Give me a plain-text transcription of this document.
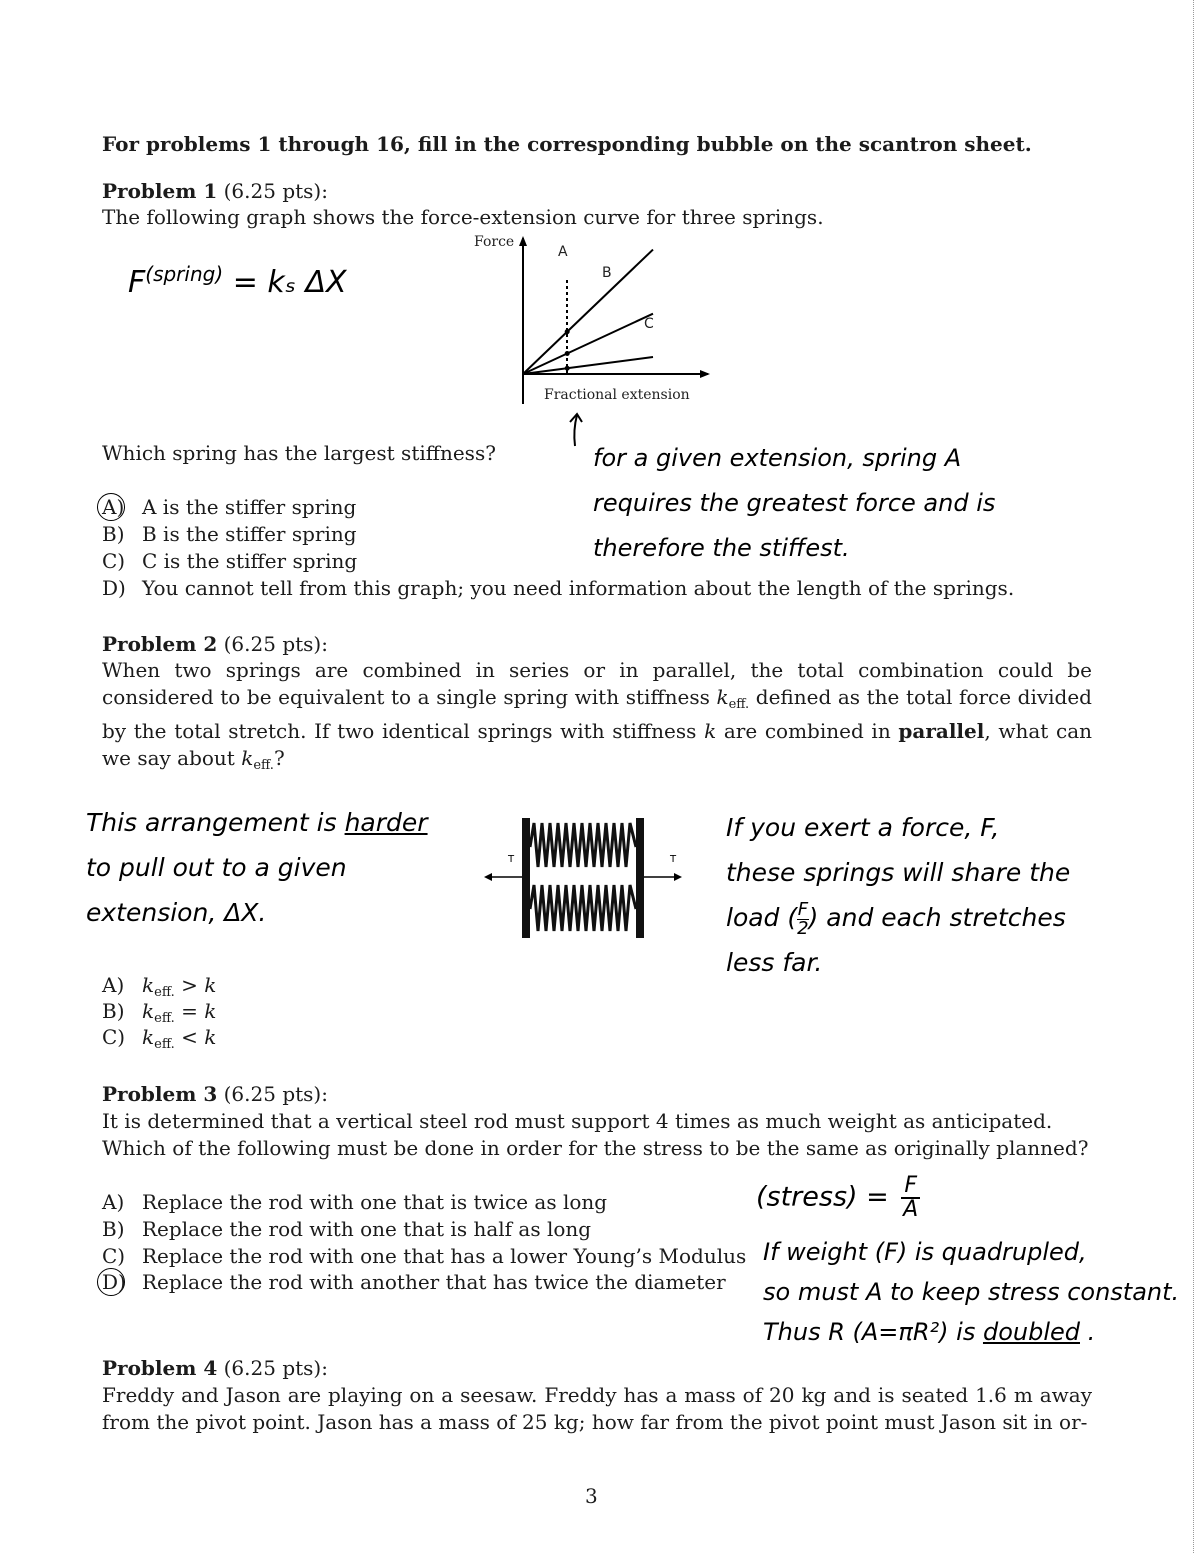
For problems 1 through 16, fill in the corresponding bubble on the scantron sheet.
Problem 1 (6.25 pts):
The following graph shows the force-extension curve for three springs.
$F^{(spring)} = k_s$ ΔX
Force
Fractional extension
A
B
C
Which spring has the largest stiffness?	for a given extension, spring A
requires the greatest force and is
therefore the stiffest.
A) A is the stiffer spring
B) B is the stiffer spring
C) C is the stiffer spring
D) You cannot tell from this graph; you need information about the length of the springs.
Problem 2 (6.25 pts):
When two springs are combined in series or in parallel, the total combination could be considered to be equivalent to a single spring with stiffness $k_{eff.}$ defined as the total force divided by the total stretch. If two identical springs with stiffness k are combined in parallel, what can we say about $k_{eff.}$?
This arrangement is harder
to pull out to a given
extension, ΔX.
T	T
If you exert a force, F,
these springs will share the
load ( $\frac{F}{2}$ ) and each stretches
less far.
A) $k_{eff.} > k$
B) $k_{eff.} = k$
C) $k_{eff.} < k$
Problem 3 (6.25 pts):
It is determined that a vertical steel rod must support 4 times as much weight as anticipated. Which of the following must be done in order for the stress to be the same as originally planned?
(stress) = $\frac{F}{A}$
A) Replace the rod with one that is twice as long
B) Replace the rod with one that is half as long
C) Replace the rod with one that has a lower Young’s Modulus
D) Replace the rod with another that has twice the diameter
If weight (F) is quadrupled,
so must A to keep stress constant.
Thus R (A=πR²) is doubled .
Problem 4 (6.25 pts):
Freddy and Jason are playing on a seesaw. Freddy has a mass of 20 kg and is seated 1.6 m away from the pivot point. Jason has a mass of 25 kg; how far from the pivot point must Jason sit in or-
3
